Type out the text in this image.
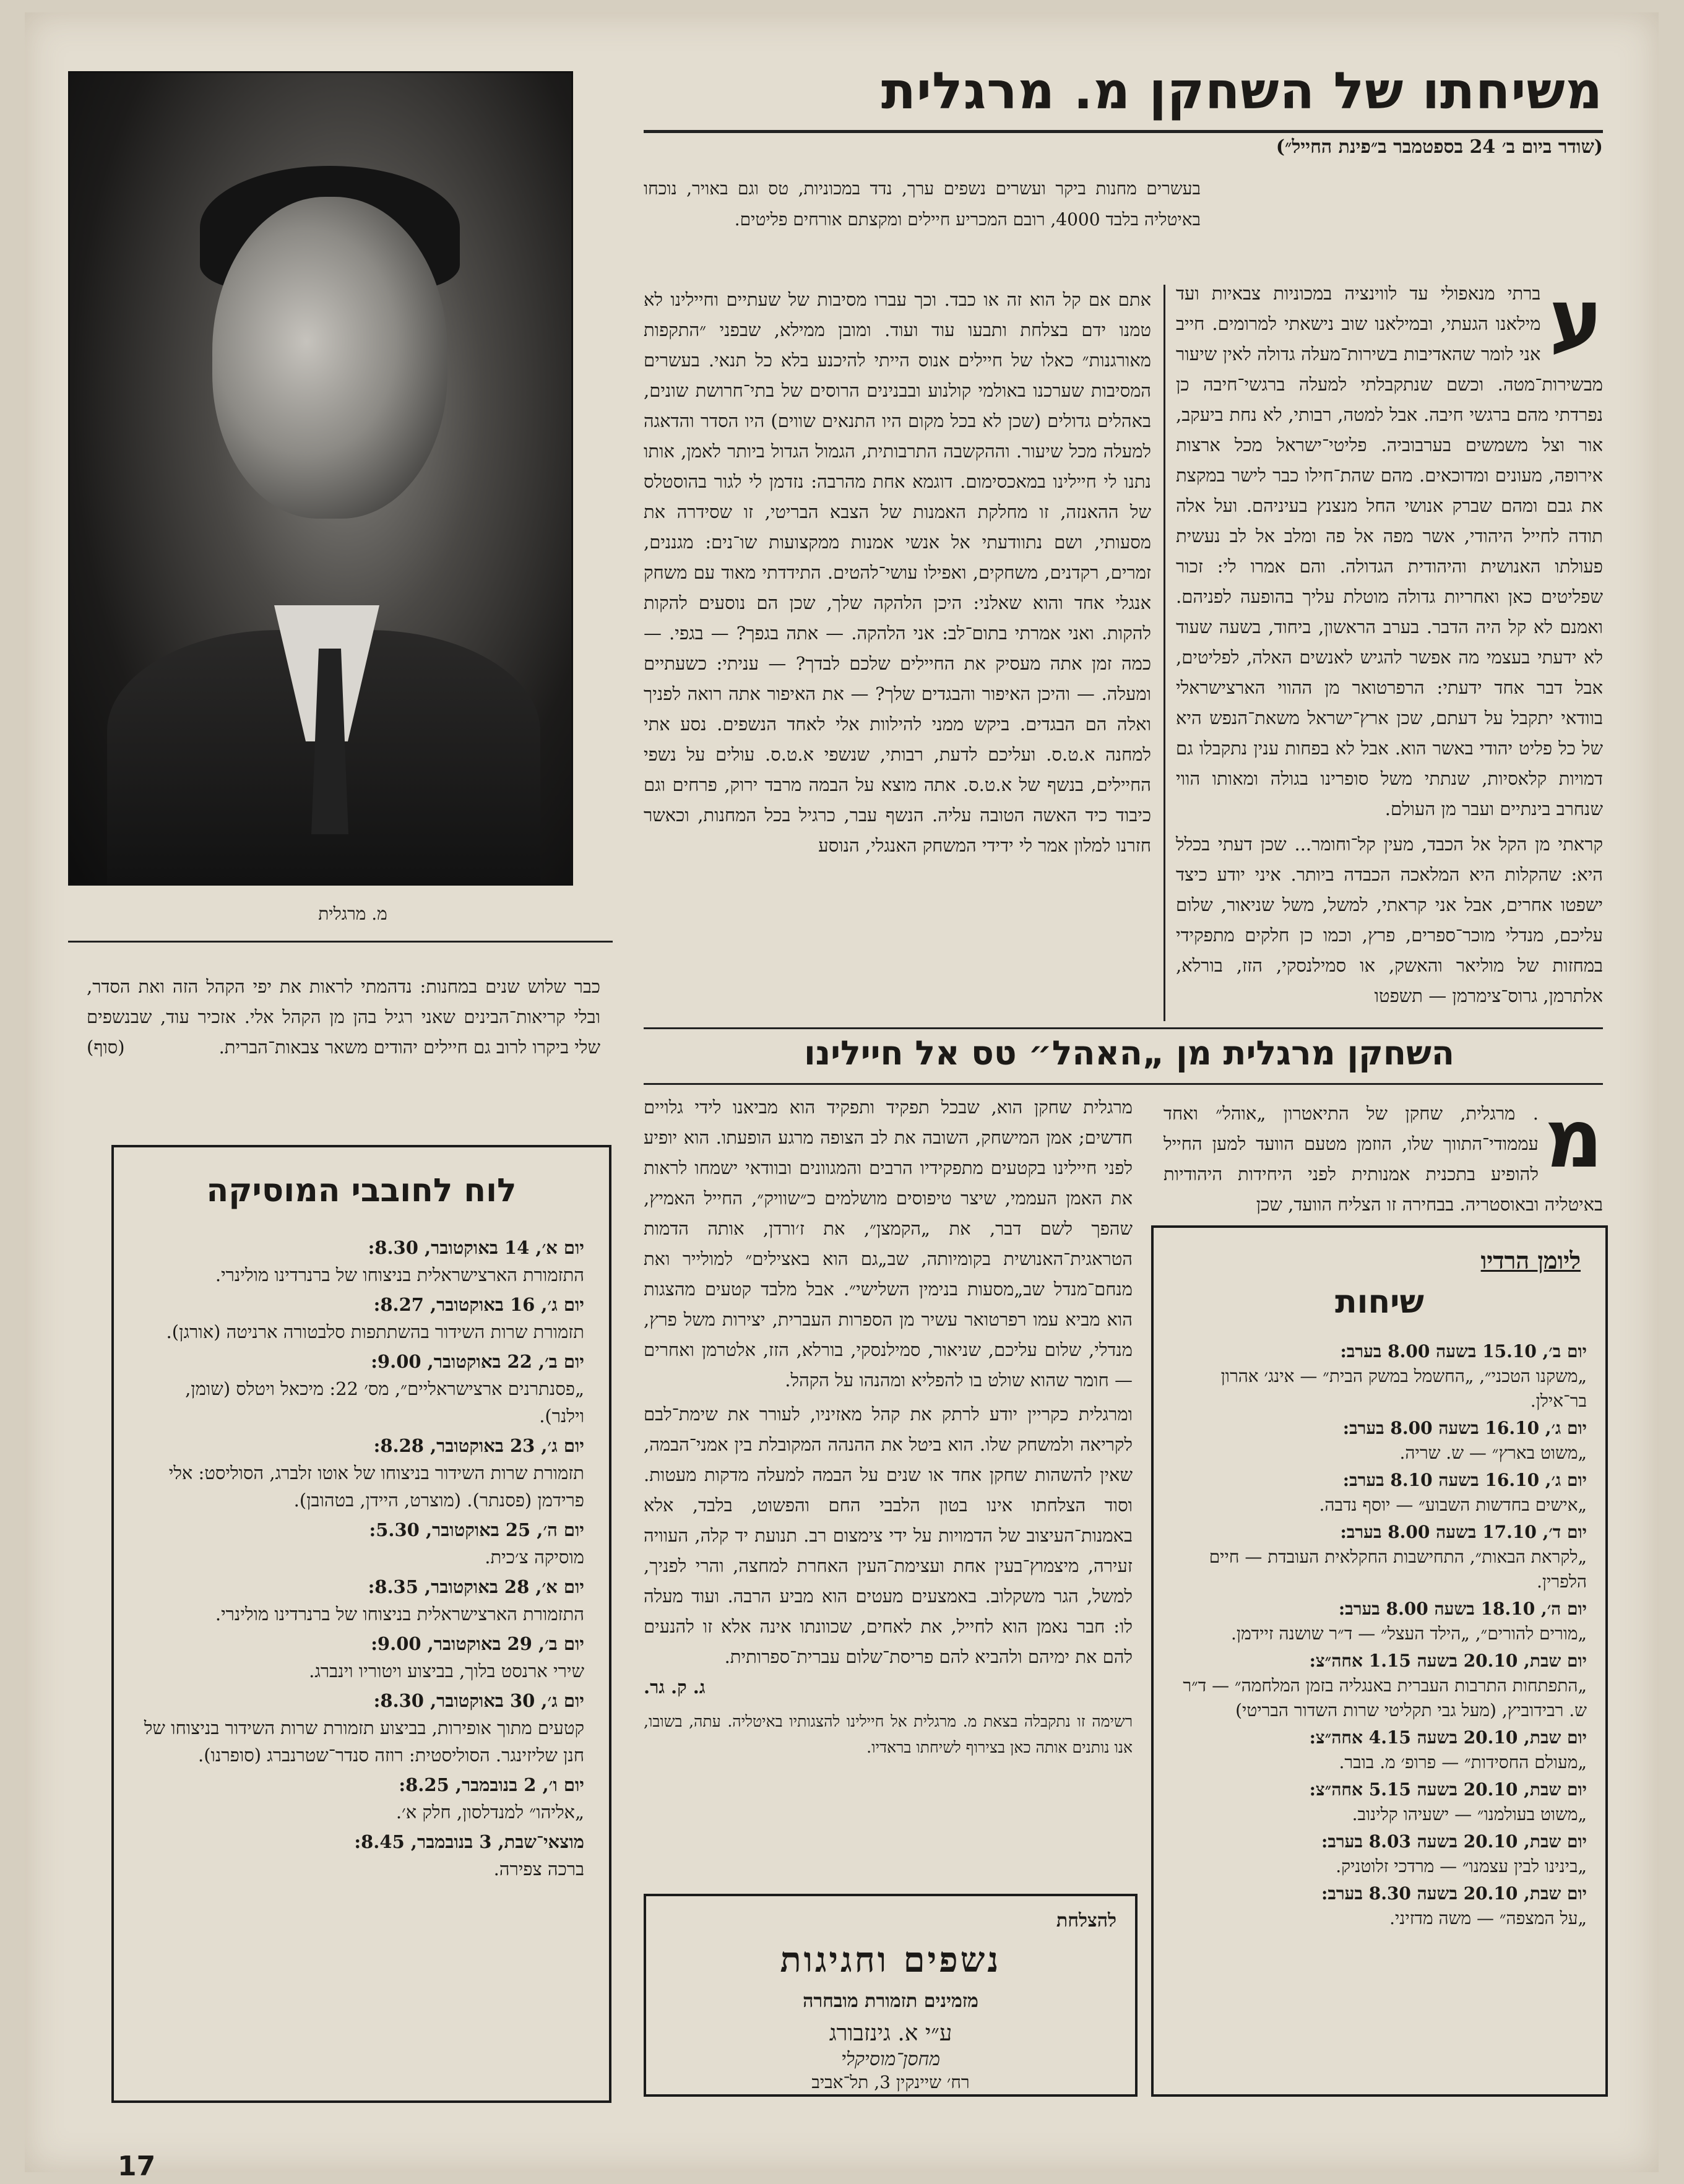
מ. מרגלית
משיחתו של השחקן מ. מרגלית
(שודר ביום ב׳ 24 בספטמבר ב״פינת החייל״)
בעשרים מחנות ביקר ועשרים נשפים ערך, נדד במכוניות, טס וגם באויר, נוכחו באיטליה בלבד 4000, רובם המכריע חיילים ומקצתם אורחים פליטים.
ע
ברתי מנאפולי עד לווינציה במכוניות צבאיות ועד מילאנו הגעתי, ובמילאנו שוב נישאתי למרומים. חייב אני לומר שהאדיבות בשירות־מעלה גדולה לאין שיעור מבשירות־מטה. וכשם שנתקבלתי למעלה ברגשי־חיבה כן נפרדתי מהם ברגשי חיבה. אבל למטה, רבותי, לא נחת ביעקב, אור וצל משמשים בערבוביה. פליטי־ישראל מכל ארצות אירופה, מעונים ומדוכאים. מהם שהת־חילו כבר לישר במקצת את גבם ומהם שברק אנושי החל מנצנץ בעיניהם. ועל אלה תודה לחייל היהודי, אשר מפה אל פה ומלב אל לב נעשית פעולתו האנושית והיהודית הגדולה. והם אמרו לי: זכור שפליטים כאן ואחריות גדולה מוטלת עליך בהופעה לפניהם. ואמנם לא קל היה הדבר. בערב הראשון, ביחוד, בשעה שעוד לא ידעתי בעצמי מה אפשר להגיש לאנשים האלה, לפליטים, אבל דבר אחד ידעתי: הרפרטואר מן ההווי הארצישראלי בוודאי יתקבל על דעתם, שכן ארץ־ישראל משאת־הנפש היא של כל פליט יהודי באשר הוא. אבל לא בפחות ענין נתקבלו גם דמויות קלאסיות, שנתתי משל סופרינו בגולה ומאותו הווי שנחרב בינתיים ועבר מן העולם.

קראתי מן הקל אל הכבד, מעין קל־וחומר... שכן דעתי בכלל היא: שהקלות היא המלאכה הכבדה ביותר. איני יודע כיצד ישפטו אחרים, אבל אני קראתי, למשל, משל שניאור, שלום עליכם, מנדלי מוכר־ספרים, פרץ, וכמו כן חלקים מתפקידי במחזות של מוליאר והאשק, או סמילנסקי, הזז, בורלא, אלתרמן, גרוס־צימרמן — תשפטו

אתם אם קל הוא זה או כבד. וכך עברו מסיבות של שעתיים וחיילינו לא טמנו ידם בצלחת ותבעו עוד ועוד. ומובן ממילא, שבפני ״התקפות מאורגנות״ כאלו של חיילים אנוס הייתי להיכנע בלא כל תנאי. בעשרים המסיבות שערכנו באולמי קולנוע ובבנינים הרוסים של בתי־חרושת שונים, באהלים גדולים (שכן לא בכל מקום היו התנאים שווים) היו הסדר והדאגה למעלה מכל שיעור. וההקשבה התרבותית, הגמול הגדול ביותר לאמן, אותו נתנו לי חיילינו במאכסימום. דוגמא אחת מהרבה: נזדמן לי לגור בהוסטלס של ההאנזה, זו מחלקת האמנות של הצבא הבריטי, זו שסידרה את מסעותי, ושם נתוודעתי אל אנשי אמנות ממקצועות שו־נים: מגננים, זמרים, רקדנים, משחקים, ואפילו עושי־להטים. התידדתי מאוד עם משחק אנגלי אחד והוא שאלני: היכן הלהקה שלך, שכן הם נוסעים להקות להקות. ואני אמרתי בתום־לב: אני הלהקה. — אתה בגפך? — בגפי. — כמה זמן אתה מעסיק את החיילים שלכם לבדך? — עניתי: כשעתיים ומעלה. — והיכן האיפור והבגדים שלך? — את האיפור אתה רואה לפניך ואלה הם הבגדים. ביקש ממני להילוות אלי לאחד הנשפים. נסע אתי למחנה א.ט.ס. ועליכם לדעת, רבותי, שנשפי א.ט.ס. עולים על נשפי החיילים, בנשף של א.ט.ס. אתה מוצא על הבמה מרבד ירוק, פרחים וגם כיבוד כיד האשה הטובה עליה. הנשף עבר, כרגיל בכל המחנות, וכאשר חזרנו למלון אמר לי ידידי המשחק האנגלי, הנוסע
כבר שלוש שנים במחנות: נדהמתי לראות את יפי הקהל הזה ואת הסדר, ובלי קריאות־הבינים שאני רגיל בהן מן הקהל אלי. אזכיר עוד, שבנשפים שלי ביקרו לרוב גם חיילים יהודים משאר צבאות־הברית.
(סוף)	השחקן מרגלית מן „האהל״ טס אל חיילינו
מ
. מרגלית, שחקן של התיאטרון „אוהל״ ואחד עממודי־התווך שלו, הוזמן מטעם הוועד למען החייל להופיע בתכנית אמנותית לפני היחידות היהודיות באיטליה ובאוסטריה. בבחירה זו הצליח הוועד, שכן

מרגלית שחקן הוא, שבכל תפקיד ותפקיד הוא מביאנו לידי גלויים חדשים; אמן המישחק, השובה את לב הצופה מרגע הופעתו. הוא יופיע לפני חיילינו בקטעים מתפקידיו הרבים והמגוונים ובוודאי ישמחו לראות את האמן העממי, שיצר טיפוסים מושלמים כ״שוויק״, החייל האמיץ, שהפך לשם דבר, את „הקמצן״, את ז׳ורדן, אותה הדמות הטראגית־האנושית בקומיותה, שב„גם הוא באצילים״ למולייר ואת מנחם־מנדל שב„מסעות בנימין השלישי״. אבל מלבד קטעים מהצגות הוא מביא עמו רפרטואר עשיר מן הספרות העברית, יצירות משל פרץ, מנדלי, שלום עליכם, שניאור, סמילנסקי, בורלא, הזז, אלטרמן ואחרים — חומר שהוא שולט בו להפליא ומהנהו על הקהל.

ומרגלית כקריין יודע לרתק את קהל מאזיניו, לעורר את שימת־לבם לקריאה ולמשחק שלו. הוא ביטל את ההנהה המקובלת בין אמני־הבמה, שאין להשהות שחקן אחד או שנים על הבמה למעלה מדקות מעטות. וסוד הצלחתו אינו בטון הלבבי החם והפשוט, בלבד, אלא באמנות־העיצוב של הדמויות על ידי צימצום רב. תנועת יד קלה, העוויה זעירה, מיצמוץ־בעין אחת ועצימת־העין האחרת למחצה, והרי לפניך, למשל, הגר משקלוב. באמצעים מעטים הוא מביע הרבה. ועוד מעלה לו: חבר נאמן הוא לחייל, את לאחים, שכוונתו אינה אלא זו להנעים להם את ימיהם ולהביא להם פריסת־שלום עברית־ספרותית.

ג. ק. גר.

רשימה זו נתקבלה בצאת מ. מרגלית אל חיילינו להצגותיו באיטליה. עתה, בשובו, אנו נותנים אותה כאן בצירוף לשיחתו בראדיו.

ליומן הרדיו
שיחות
יום ב׳, 15.10 בשעה 8.00 בערב:
„משקנו הטכני״, „החשמל במשק הבית״ — אינג׳ אהרון בר־אילן.
יום ג׳, 16.10 בשעה 8.00 בערב:
„משוט בארץ״ — ש. שריה.
יום ג׳, 16.10 בשעה 8.10 בערב:
„אישים בחדשות השבוע״ — יוסף נדבה.
יום ד׳, 17.10 בשעה 8.00 בערב:
„לקראת הבאות״, התחישבות החקלאית העובדת — חיים הלפרין.
יום ה׳, 18.10 בשעה 8.00 בערב:
„מורים להורים״, „הילד העצל״ — ד״ר שושנה זיידמן.
יום שבת, 20.10 בשעה 1.15 אחה״צ:
„התפתחות התרבות העברית באנגליה בזמן המלחמה״ — ד״ר ש. רבידוביץ, (מעל גבי תקליטי שרות השדור הבריטי)
יום שבת, 20.10 בשעה 4.15 אחה״צ:
„מעולם החסידות״ — פרופ׳ מ. בובר.
יום שבת, 20.10 בשעה 5.15 אחה״צ:
„משוט בעולמנו״ — ישעיהו קלינוב.
יום שבת, 20.10 בשעה 8.03 בערב:
„בינינו לבין עצמנו״ — מרדכי זלוטניק.
יום שבת, 20.10 בשעה 8.30 בערב:
„על המצפה״ — משה מדזיני.
לוח לחובבי המוסיקה
יום א׳, 14 באוקטובר, 8.30:
התזמורת הארצישראלית בניצוחו של ברנרדינו מולינרי.
יום ג׳, 16 באוקטובר, 8.27:
תזמורת שרות השידור בהשתתפות סלבטורה ארניטה (אורגן).
יום ב׳, 22 באוקטובר, 9.00:
„פסנתרנים ארצישראליים״, מס׳ 22: מיכאל ויטלס (שומן, וילנר).
יום ג׳, 23 באוקטובר, 8.28:
תזמורת שרות השידור בניצוחו של אוטו זלברג, הסוליסט: אלי פרידמן (פסנתר). (מוצרט, היידן, בטהובן).
יום ה׳, 25 באוקטובר, 5.30:
מוסיקה צ׳כית.
יום א׳, 28 באוקטובר, 8.35:
התזמורת הארצישראלית בניצוחו של ברנרדינו מולינרי.
יום ב׳, 29 באוקטובר, 9.00:
שירי ארנסט בלוך, בביצוע ויטוריו וינברג.
יום ג׳, 30 באוקטובר, 8.30:
קטעים מתוך אופירות, בביצוע תזמורת שרות השידור בניצוחו של חנן שליזינגר. הסוליסטית: רוזה סנדר־שטרנברג (סופרנו).
יום ו׳, 2 בנובמבר, 8.25:
„אליהו״ למנדלסון, חלק א׳.
מוצאי־שבת, 3 בנובמבר, 8.45:
ברכה צפירה.
להצלחת
נשפים וחגיגות
מזמינים תזמורת מובחרה
ע״י א. גינזבורג
מחסן־מוסיקלי
רח׳ שיינקין 3, תל־אביב
17
